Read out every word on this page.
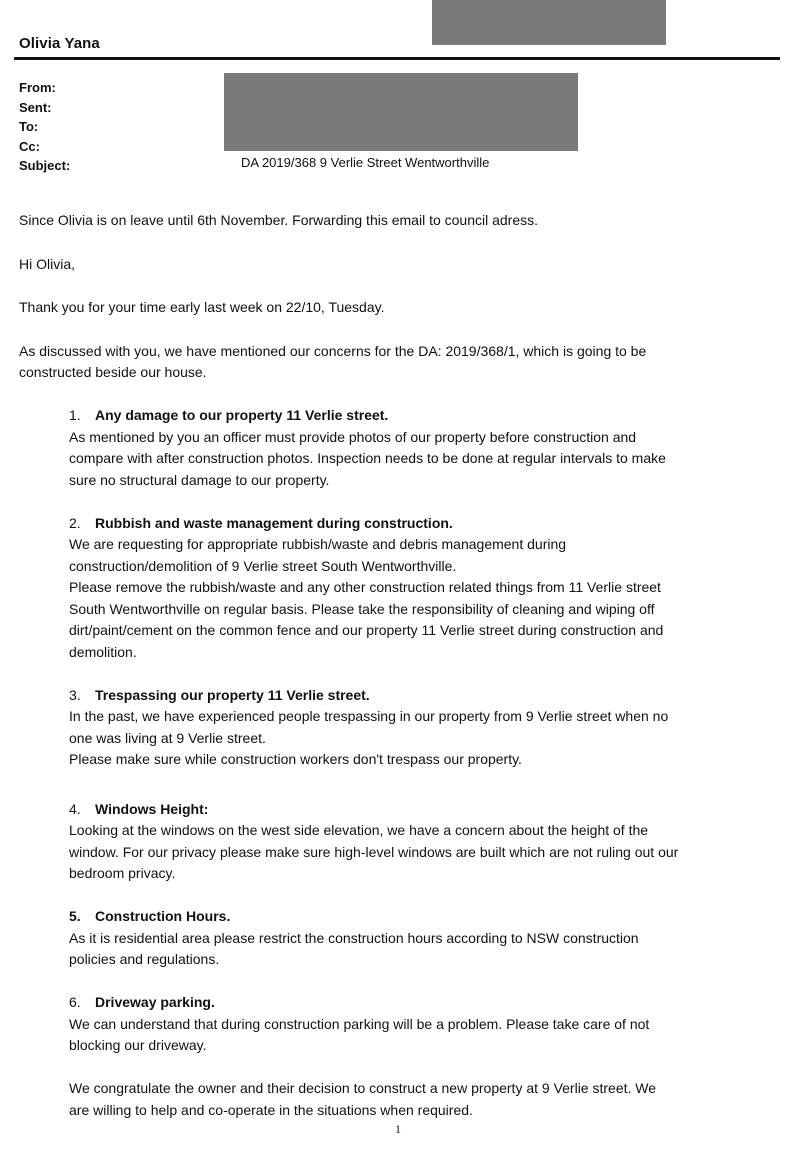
Olivia Yana
From:
Sent:
To:
Cc:
Subject:	DA 2019/368 9 Verlie Street Wentworthville

Since Olivia is on leave until 6th November. Forwarding this email to council adress.

Hi Olivia,

Thank you for your time early last week on 22/10, Tuesday.

As discussed with you, we have mentioned our concerns for the DA: 2019/368/1, which is going to be

constructed beside our house.

1. Any damage to our property 11 Verlie street.
As mentioned by you an officer must provide photos of our property before construction and
compare with after construction photos. Inspection needs to be done at regular intervals to make
sure no structural damage to our property.
2. Rubbish and waste management during construction.
We are requesting for appropriate rubbish/waste and debris management during
construction/demolition of 9 Verlie street South Wentworthville.
Please remove the rubbish/waste and any other construction related things from 11 Verlie street
South Wentworthville on regular basis. Please take the responsibility of cleaning and wiping off
dirt/paint/cement on the common fence and our property 11 Verlie street during construction and
demolition.
3. Trespassing our property 11 Verlie street.
In the past, we have experienced people trespassing in our property from 9 Verlie street when no
one was living at 9 Verlie street.
Please make sure while construction workers don't trespass our property.
4. Windows Height:
Looking at the windows on the west side elevation, we have a concern about the height of the
window. For our privacy please make sure high-level windows are built which are not ruling out our
bedroom privacy.
5. Construction Hours.
As it is residential area please restrict the construction hours according to NSW construction
policies and regulations.
6. Driveway parking.
We can understand that during construction parking will be a problem. Please take care of not
blocking our driveway.
We congratulate the owner and their decision to construct a new property at 9 Verlie street. We
are willing to help and co-operate in the situations when required.
1
